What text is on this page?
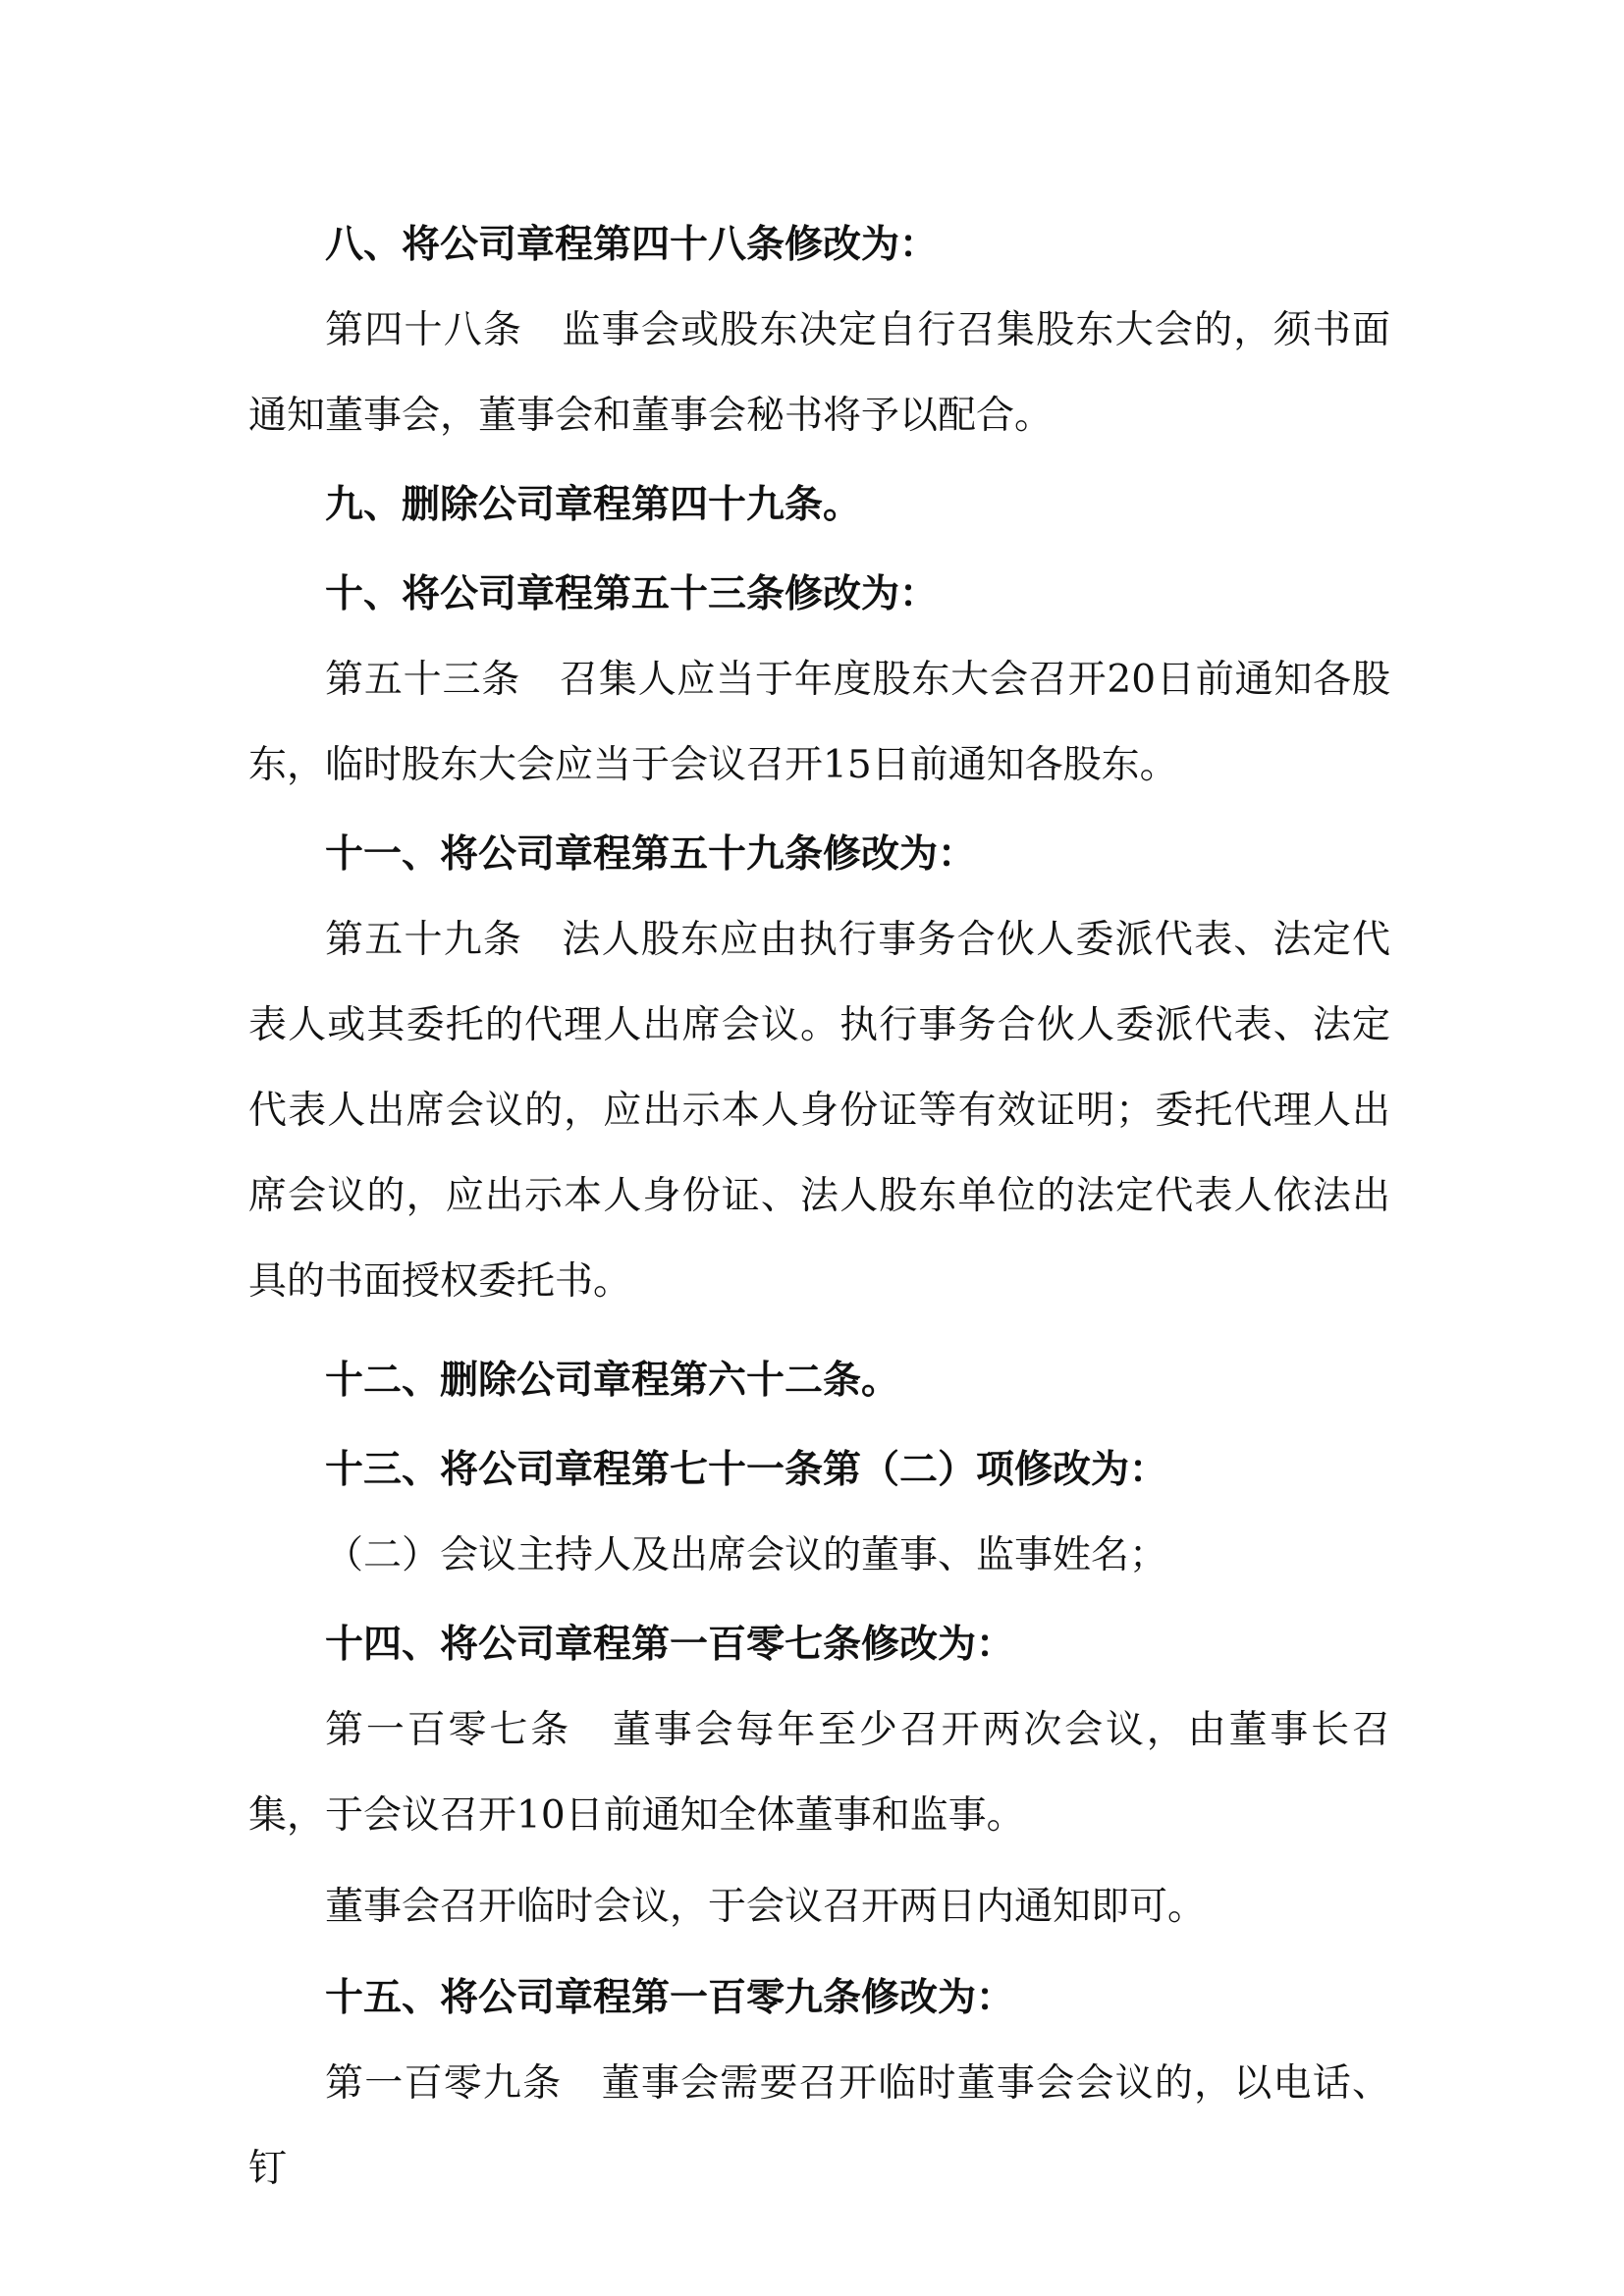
八、将公司章程第四十八条修改为：

第四十八条　监事会或股东决定自行召集股东大会的，须书面通知董事会，董事会和董事会秘书将予以配合。

九、删除公司章程第四十九条。

十、将公司章程第五十三条修改为：

第五十三条　召集人应当于年度股东大会召开20日前通知各股东，临时股东大会应当于会议召开15日前通知各股东。

十一、将公司章程第五十九条修改为：

第五十九条　法人股东应由执行事务合伙人委派代表、法定代表人或其委托的代理人出席会议。执行事务合伙人委派代表、法定代表人出席会议的，应出示本人身份证等有效证明；委托代理人出席会议的，应出示本人身份证、法人股东单位的法定代表人依法出具的书面授权委托书。

十二、删除公司章程第六十二条。

十三、将公司章程第七十一条第（二）项修改为：

（二）会议主持人及出席会议的董事、监事姓名；

十四、将公司章程第一百零七条修改为：

第一百零七条　董事会每年至少召开两次会议，由董事长召集，于会议召开10日前通知全体董事和监事。

董事会召开临时会议，于会议召开两日内通知即可。

十五、将公司章程第一百零九条修改为：

第一百零九条　董事会需要召开临时董事会会议的，以电话、钉
